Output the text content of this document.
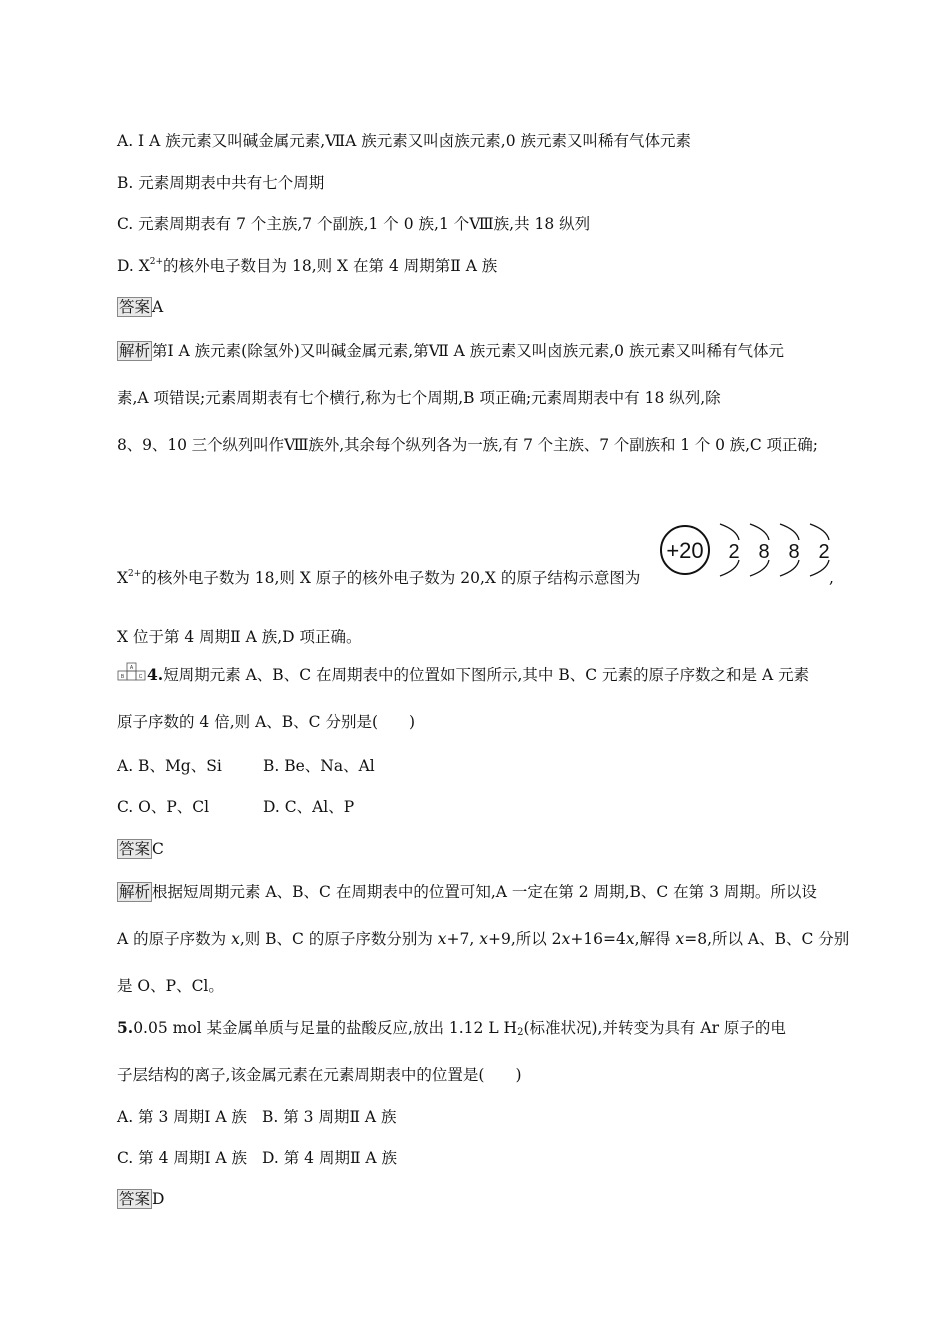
A. Ⅰ A 族元素又叫碱金属元素,ⅦA 族元素又叫卤族元素,0 族元素又叫稀有气体元素
B. 元素周期表中共有七个周期
C. 元素周期表有 7 个主族,7 个副族,1 个 0 族,1 个Ⅷ族,共 18 纵列
D. $X^{2+}$的核外电子数目为 18,则 X 在第 4 周期第Ⅱ A 族
答案 A
解析 第Ⅰ A 族元素(除氢外)又叫碱金属元素,第Ⅶ A 族元素又叫卤族元素,0 族元素又叫稀有气体元
素,A 项错误;元素周期表有七个横行,称为七个周期,B 项正确;元素周期表中有 18 纵列,除
8、9、10 三个纵列叫作Ⅷ族外,其余每个纵列各为一族,有 7 个主族、7 个副族和 1 个 0 族,C 项正确;
$X^{2+}$的核外电子数为 18,则 X 原子的核外电子数为 20,X 的原子结构示意图为	,
+20 2 8 8 2
X 位于第 4 周期Ⅱ A 族,D 项正确。
A
B	C 4.短周期元素 A、B、C 在周期表中的位置如下图所示,其中 B、C 元素的原子序数之和是 A 元素
原子序数的 4 倍,则 A、B、C 分别是(　　)
A. B、Mg、Si	B. Be、Na、Al
C. O、P、Cl	D. C、Al、P
答案 C
解析 根据短周期元素 A、B、C 在周期表中的位置可知,A 一定在第 2 周期,B、C 在第 3 周期。所以设
A 的原子序数为 x,则 B、C 的原子序数分别为 x+7, x+9,所以 2x+16=4x,解得 x=8,所以 A、B、C 分别
是 O、P、Cl。
5.0.05 mol 某金属单质与足量的盐酸反应,放出 1.12 L $H_2$(标准状况),并转变为具有 Ar 原子的电
子层结构的离子,该金属元素在元素周期表中的位置是(　　)
A. 第 3 周期Ⅰ A 族 B. 第 3 周期Ⅱ A 族
C. 第 4 周期Ⅰ A 族 D. 第 4 周期Ⅱ A 族
答案 D
